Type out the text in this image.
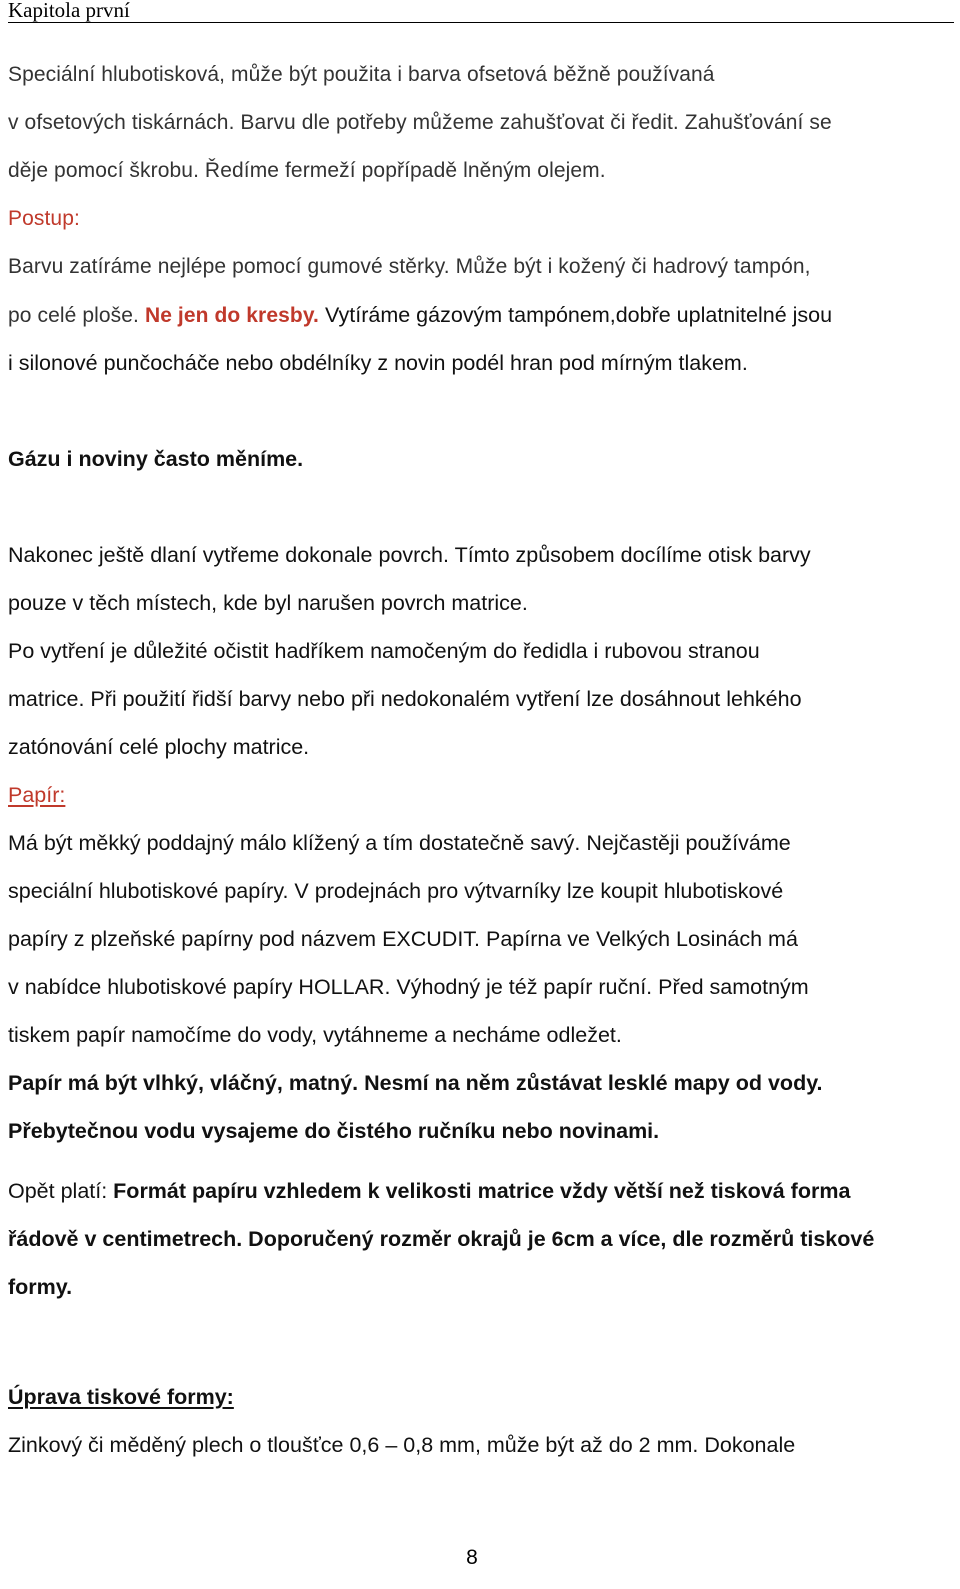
Kapitola první
Speciální hlubotisková, může být použita i barva ofsetová běžně používaná
v ofsetových tiskárnách. Barvu dle potřeby můžeme zahušťovat či ředit. Zahušťování se
děje pomocí škrobu. Ředíme fermeží popřípadě lněným olejem.
Postup:
Barvu zatíráme nejlépe pomocí gumové stěrky. Může být i kožený či hadrový tampón,
po celé ploše. Ne jen do kresby. Vytíráme gázovým tampónem,dobře uplatnitelné jsou
i silonové punčocháče nebo obdélníky z novin podél hran pod mírným tlakem.
Gázu i noviny často měníme.
Nakonec ještě dlaní vytřeme dokonale povrch. Tímto způsobem docílíme otisk barvy
pouze v těch místech, kde byl narušen povrch matrice.
Po vytření je důležité očistit hadříkem namočeným do ředidla i rubovou stranou
matrice. Při použití řidší barvy nebo při nedokonalém vytření lze dosáhnout lehkého
zatónování celé plochy matrice.
Papír:
Má být měkký poddajný málo klížený a tím dostatečně savý. Nejčastěji používáme
speciální hlubotiskové papíry. V prodejnách pro výtvarníky lze koupit hlubotiskové
papíry z plzeňské papírny pod názvem EXCUDIT. Papírna ve Velkých Losinách má
v nabídce hlubotiskové papíry HOLLAR. Výhodný je též papír ruční. Před samotným
tiskem papír namočíme do vody, vytáhneme a necháme odležet.
Papír má být vlhký, vláčný, matný. Nesmí na něm zůstávat lesklé mapy od vody.
Přebytečnou vodu vysajeme do čistého ručníku nebo novinami.
Opět platí: Formát papíru vzhledem k velikosti matrice vždy větší než tisková forma
řádově v centimetrech. Doporučený rozměr okrajů je 6cm a více, dle rozměrů tiskové
formy.
Úprava tiskové formy:
Zinkový či měděný plech o tloušťce 0,6 – 0,8 mm, může být až do 2 mm. Dokonale
8
